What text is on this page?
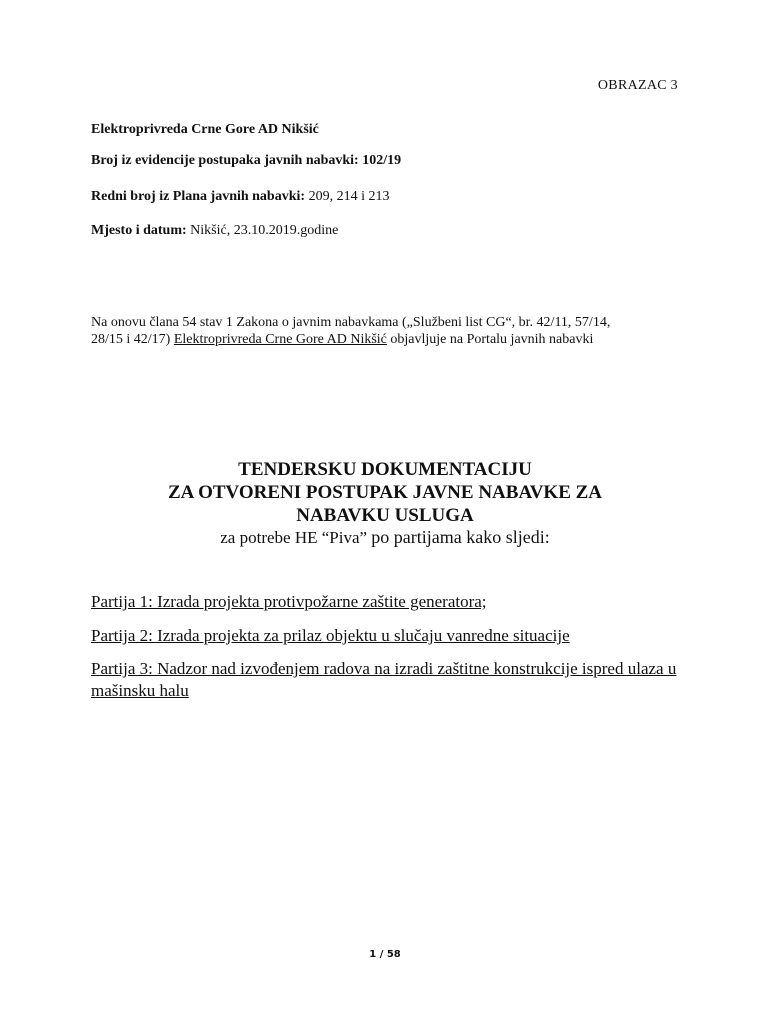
OBRAZAC 3
Elektroprivreda Crne Gore AD Nikšić
Broj iz evidencije postupaka javnih nabavki: 102/19
Redni broj iz Plana javnih nabavki: 209, 214 i 213
Mjesto i datum: Nikšić, 23.10.2019.godine
Na onovu člana 54 stav 1 Zakona o javnim nabavkama („Službeni list CG“, br. 42/11, 57/14,
28/15 i 42/17) Elektroprivreda Crne Gore AD Nikšić objavljuje na Portalu javnih nabavki
TENDERSKU DOKUMENTACIJU
ZA OTVORENI POSTUPAK JAVNE NABAVKE ZA
NABAVKU USLUGA
za potrebe HE “Piva” po partijama kako sljedi:
Partija 1: Izrada projekta protivpožarne zaštite generatora;
Partija 2: Izrada projekta za prilaz objektu u slučaju vanredne situacije
Partija 3: Nadzor nad izvođenjem radova na izradi zaštitne konstrukcije ispred ulaza u mašinsku halu
1 / 58
